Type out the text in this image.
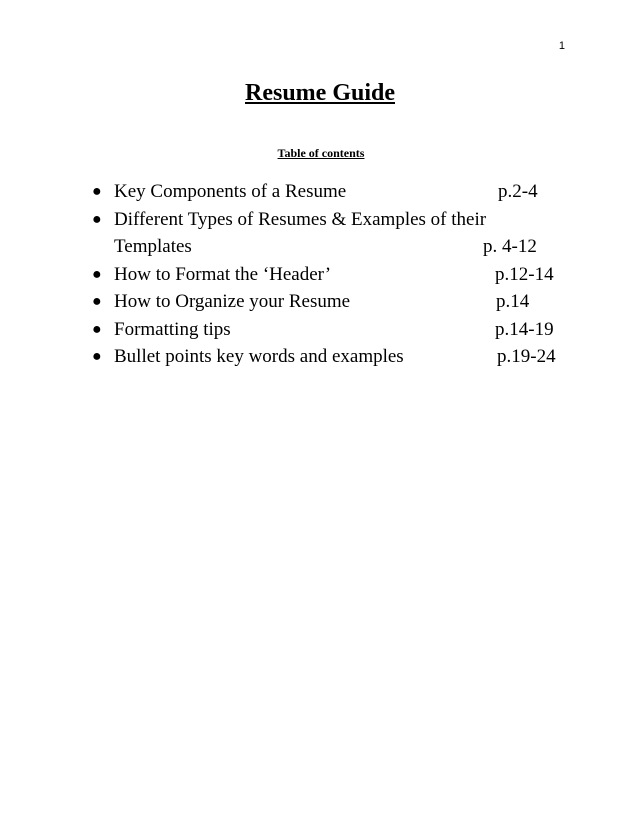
1
Resume Guide
Table of contents
● Key Components of a Resume	p.2-4
● Different Types of Resumes & Examples of their
Templates	p. 4-12
● How to Format the ‘Header’	p.12-14
● How to Organize your Resume	p.14
● Formatting tips	p.14-19
● Bullet points key words and examples	p.19-24
